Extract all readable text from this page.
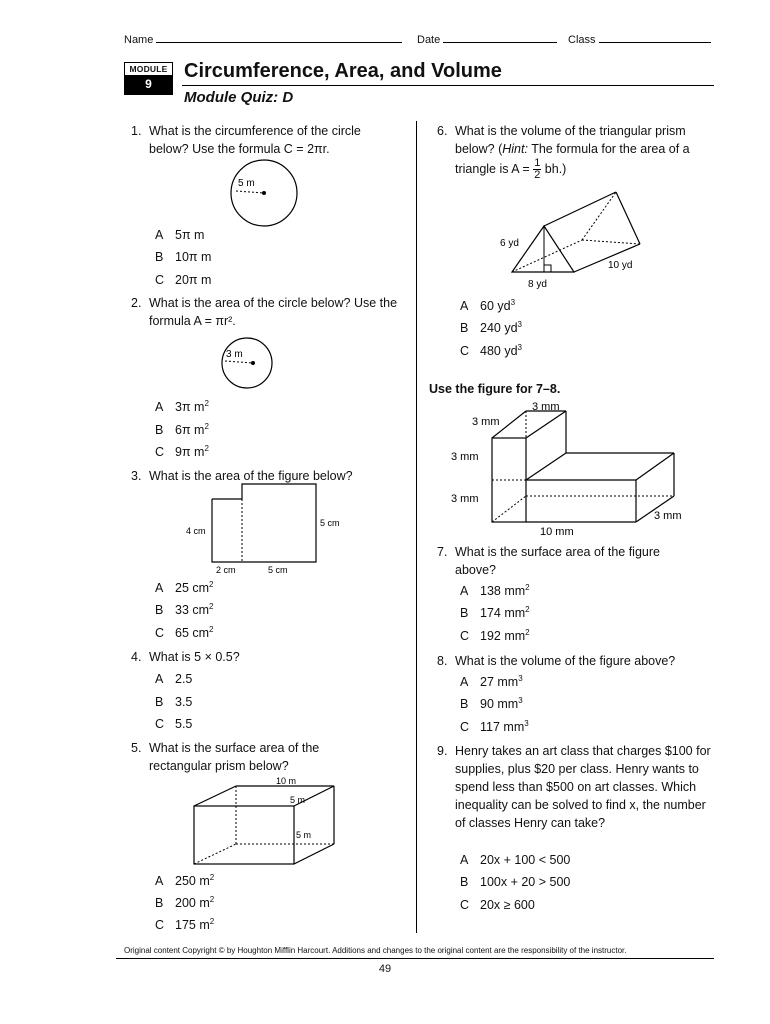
Name	Date	Class
MODULE
9
Circumference, Area, and Volume
Module Quiz: D
1. What is the circumference of the circle below? Use the formula C = 2πr.
5 m
A 5π m
B 10π m
C 20π m
2. What is the area of the circle below? Use the formula A = πr².
3 m
A 3π $m^2$
B 6π $m^2$
C 9π $m^2$
3. What is the area of the figure below?
4 cm
5 cm
2 cm	5 cm
A 25 $cm^2$
B 33 $cm^2$
C 65 $cm^2$
4. What is 5 × 0.5?
A 2.5
B 3.5
C 5.5
5. What is the surface area of the rectangular prism below?
10 m
5 m
5 m
A 250 $m^2$
B 200 $m^2$
C 175 $m^2$
6. What is the volume of the triangular prism below? (Hint: The formula for the area of a triangle is $A = \frac{1}{2} bh$.)
6 yd
10 yd
8 yd
A 60 $yd^3$
B 240 $yd^3$
C 480 $yd^3$
Use the figure for 7–8.
3 mm
3 mm
3 mm
3 mm
10 mm
3 mm
7. What is the surface area of the figure above?
A 138 $mm^2$
B 174 $mm^2$
C 192 $mm^2$
8. What is the volume of the figure above?
A 27 $mm^3$
B 90 $mm^3$
C 117 $mm^3$
9. Henry takes an art class that charges $100 for supplies, plus $20 per class. Henry wants to spend less than $500 on art classes. Which inequality can be solved to find x, the number of classes Henry can take?
A 20x + 100 < 500
B 100x + 20 > 500
C 20x ≥ 600
Original content Copyright © by Houghton Mifflin Harcourt. Additions and changes to the original content are the responsibility of the instructor.
49
